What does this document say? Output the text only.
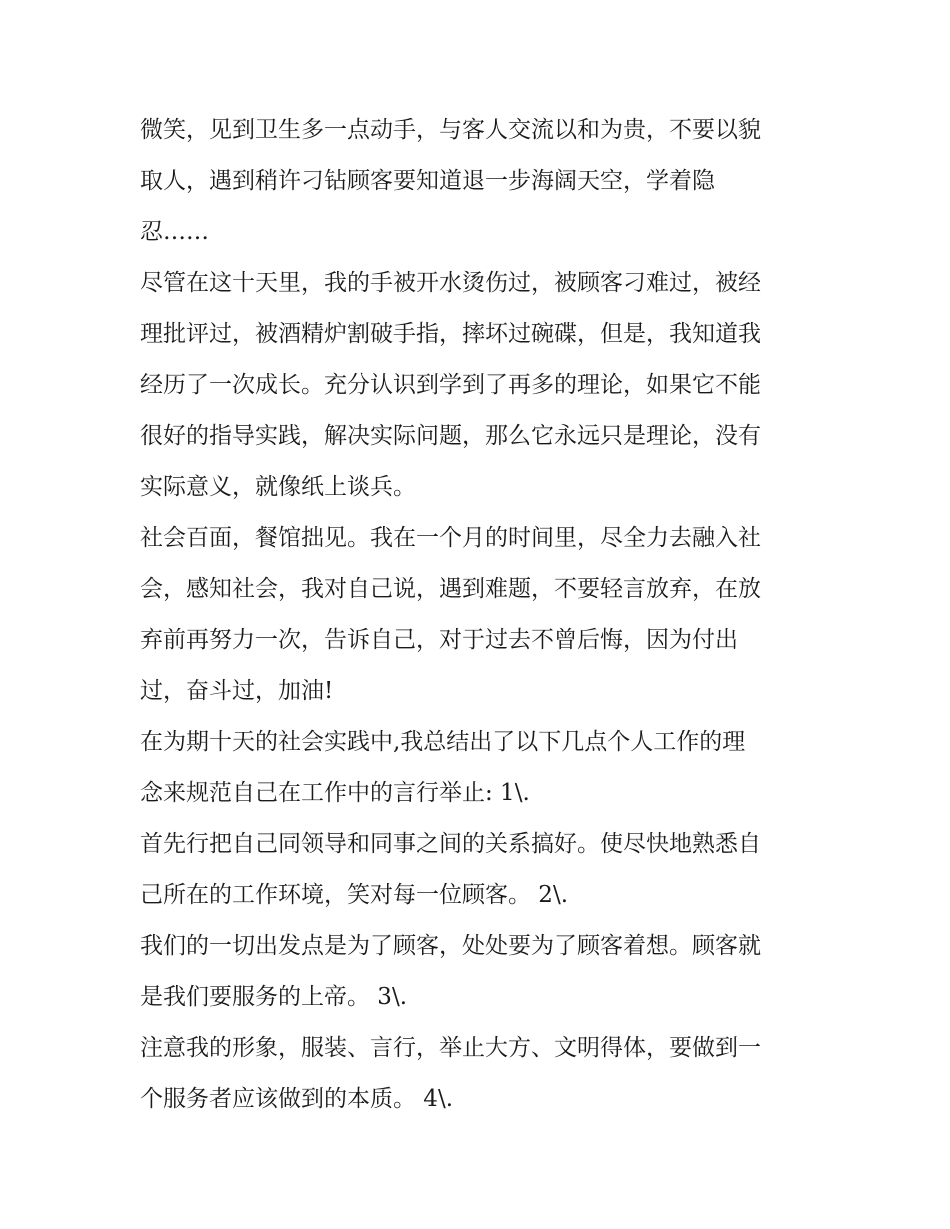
微笑，见到卫生多一点动手，与客人交流以和为贵，不要以貌
取人，遇到稍许刁钻顾客要知道退一步海阔天空，学着隐
忍……

尽管在这十天里，我的手被开水烫伤过，被顾客刁难过，被经
理批评过，被酒精炉割破手指，摔坏过碗碟，但是，我知道我
经历了一次成长。充分认识到学到了再多的理论，如果它不能
很好的指导实践，解决实际问题，那么它永远只是理论，没有
实际意义，就像纸上谈兵。

社会百面，餐馆拙见。我在一个月的时间里，尽全力去融入社
会，感知社会，我对自己说，遇到难题，不要轻言放弃，在放
弃前再努力一次，告诉自己，对于过去不曾后悔，因为付出
过，奋斗过，加油!

在为期十天的社会实践中,我总结出了以下几点个人工作的理
念来规范自己在工作中的言行举止: 1\.

首先行把自己同领导和同事之间的关系搞好。使尽快地熟悉自
己所在的工作环境，笑对每一位顾客。 2\.

我们的一切出发点是为了顾客，处处要为了顾客着想。顾客就
是我们要服务的上帝。 3\.

注意我的形象，服装、言行，举止大方、文明得体，要做到一
个服务者应该做到的本质。 4\.
